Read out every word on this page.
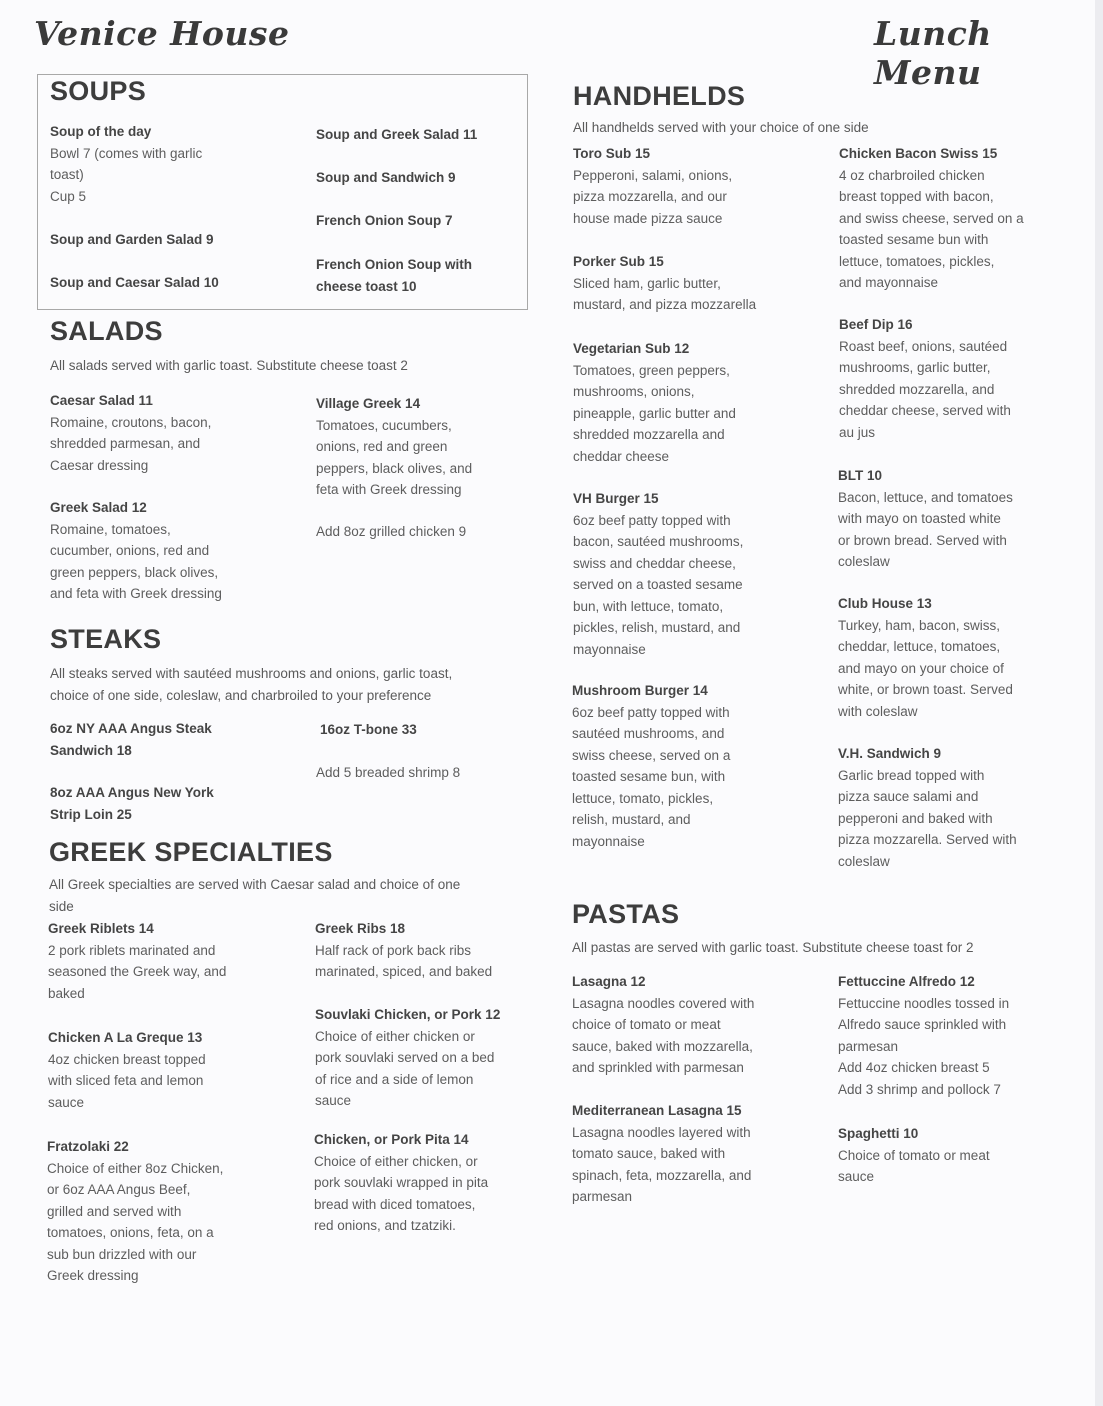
Venice House	Lunch Menu
SOUPS
Soup of the day
Bowl 7 (comes with garlic
toast)
Cup 5
Soup and Garden Salad 9
Soup and Caesar Salad 10
Soup and Greek Salad 11
Soup and Sandwich 9
French Onion Soup 7
French Onion Soup with
cheese toast 10
SALADS
All salads served with garlic toast. Substitute cheese toast 2
Caesar Salad 11
Romaine, croutons, bacon,
shredded parmesan, and
Caesar dressing
Greek Salad 12
Romaine, tomatoes,
cucumber, onions, red and
green peppers, black olives,
and feta with Greek dressing
Village Greek 14
Tomatoes, cucumbers,
onions, red and green
peppers, black olives, and
feta with Greek dressing
Add 8oz grilled chicken 9
STEAKS
All steaks served with sautéed mushrooms and onions, garlic toast,
choice of one side, coleslaw, and charbroiled to your preference
6oz NY AAA Angus Steak
Sandwich 18
8oz AAA Angus New York
Strip Loin 25
16oz T-bone 33
Add 5 breaded shrimp 8
GREEK SPECIALTIES
All Greek specialties are served with Caesar salad and choice of one
side
Greek Riblets 14
2 pork riblets marinated and
seasoned the Greek way, and
baked
Chicken A La Greque 13
4oz chicken breast topped
with sliced feta and lemon
sauce
Fratzolaki 22
Choice of either 8oz Chicken,
or 6oz AAA Angus Beef,
grilled and served with
tomatoes, onions, feta, on a
sub bun drizzled with our
Greek dressing
Greek Ribs 18
Half rack of pork back ribs
marinated, spiced, and baked
Souvlaki Chicken, or Pork 12
Choice of either chicken or
pork souvlaki served on a bed
of rice and a side of lemon
sauce
Chicken, or Pork Pita 14
Choice of either chicken, or
pork souvlaki wrapped in pita
bread with diced tomatoes,
red onions, and tzatziki.
HANDHELDS
All handhelds served with your choice of one side
Toro Sub 15
Pepperoni, salami, onions,
pizza mozzarella, and our
house made pizza sauce
Porker Sub 15
Sliced ham, garlic butter,
mustard, and pizza mozzarella
Vegetarian Sub 12
Tomatoes, green peppers,
mushrooms, onions,
pineapple, garlic butter and
shredded mozzarella and
cheddar cheese
VH Burger 15
6oz beef patty topped with
bacon, sautéed mushrooms,
swiss and cheddar cheese,
served on a toasted sesame
bun, with lettuce, tomato,
pickles, relish, mustard, and
mayonnaise
Mushroom Burger 14
6oz beef patty topped with
sautéed mushrooms, and
swiss cheese, served on a
toasted sesame bun, with
lettuce, tomato, pickles,
relish, mustard, and
mayonnaise
Chicken Bacon Swiss 15
4 oz charbroiled chicken
breast topped with bacon,
and swiss cheese, served on a
toasted sesame bun with
lettuce, tomatoes, pickles,
and mayonnaise
Beef Dip 16
Roast beef, onions, sautéed
mushrooms, garlic butter,
shredded mozzarella, and
cheddar cheese, served with
au jus
BLT 10
Bacon, lettuce, and tomatoes
with mayo on toasted white
or brown bread. Served with
coleslaw
Club House 13
Turkey, ham, bacon, swiss,
cheddar, lettuce, tomatoes,
and mayo on your choice of
white, or brown toast. Served
with coleslaw
V.H. Sandwich 9
Garlic bread topped with
pizza sauce salami and
pepperoni and baked with
pizza mozzarella. Served with
coleslaw
PASTAS
All pastas are served with garlic toast. Substitute cheese toast for 2
Lasagna 12
Lasagna noodles covered with
choice of tomato or meat
sauce, baked with mozzarella,
and sprinkled with parmesan
Mediterranean Lasagna 15
Lasagna noodles layered with
tomato sauce, baked with
spinach, feta, mozzarella, and
parmesan
Fettuccine Alfredo 12
Fettuccine noodles tossed in
Alfredo sauce sprinkled with
parmesan
Add 4oz chicken breast 5
Add 3 shrimp and pollock 7
Spaghetti 10
Choice of tomato or meat
sauce
